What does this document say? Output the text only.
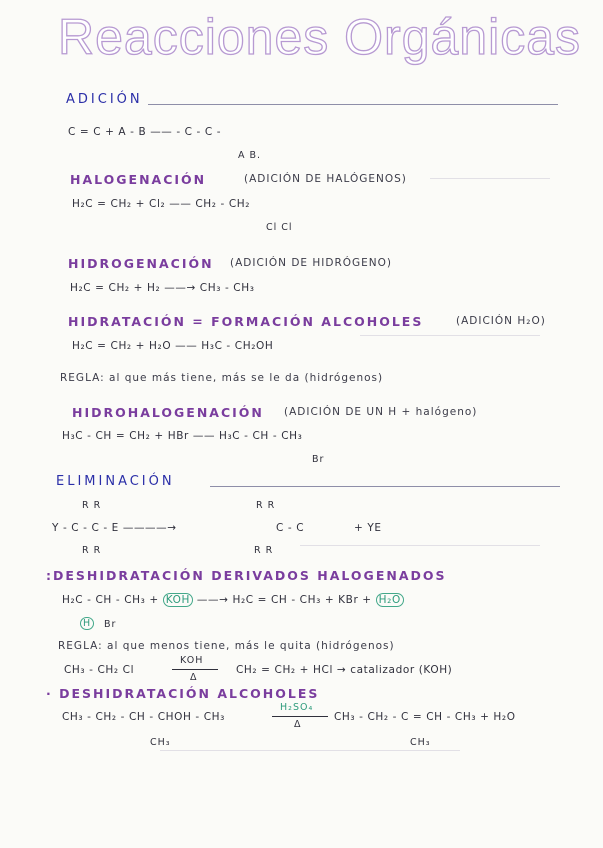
Reacciones Orgánicas
ADICIÓN
C = C + A - B —— - C - C -
A B.
HALOGENACIÓN	(ADICIÓN DE HALÓGENOS)
H₂C = CH₂ + Cl₂ —— CH₂ - CH₂
Cl Cl
HIDROGENACIÓN (ADICIÓN DE HIDRÓGENO)
H₂C = CH₂ + H₂ ——→ CH₃ - CH₃
HIDRATACIÓN = FORMACIÓN ALCOHOLES	(ADICIÓN H₂O)
H₂C = CH₂ + H₂O —— H₃C - CH₂OH
REGLA: al que más tiene, más se le da (hidrógenos)
HIDROHALOGENACIÓN (ADICIÓN DE UN H + halógeno)
H₃C - CH = CH₂ + HBr —— H₃C - CH - CH₃
Br
ELIMINACIÓN
R R
Y - C - C - E ————→
R R
R R
C - C
R R
+ YE
:DESHIDRATACIÓN DERIVADOS HALOGENADOS
H₂C - CH - CH₃ + KOH ——→ H₂C = CH - CH₃ + KBr + H₂O
H	Br
REGLA: al que menos tiene, más le quita (hidrógenos)
CH₃ - CH₂ Cl
KOH
Δ
CH₂ = CH₂ + HCl → catalizador (KOH)
· DESHIDRATACIÓN ALCOHOLES
CH₃ - CH₂ - CH - CHOH - CH₃
H₂SO₄
Δ
CH₃ - CH₂ - C = CH - CH₃ + H₂O
CH₃	CH₃
